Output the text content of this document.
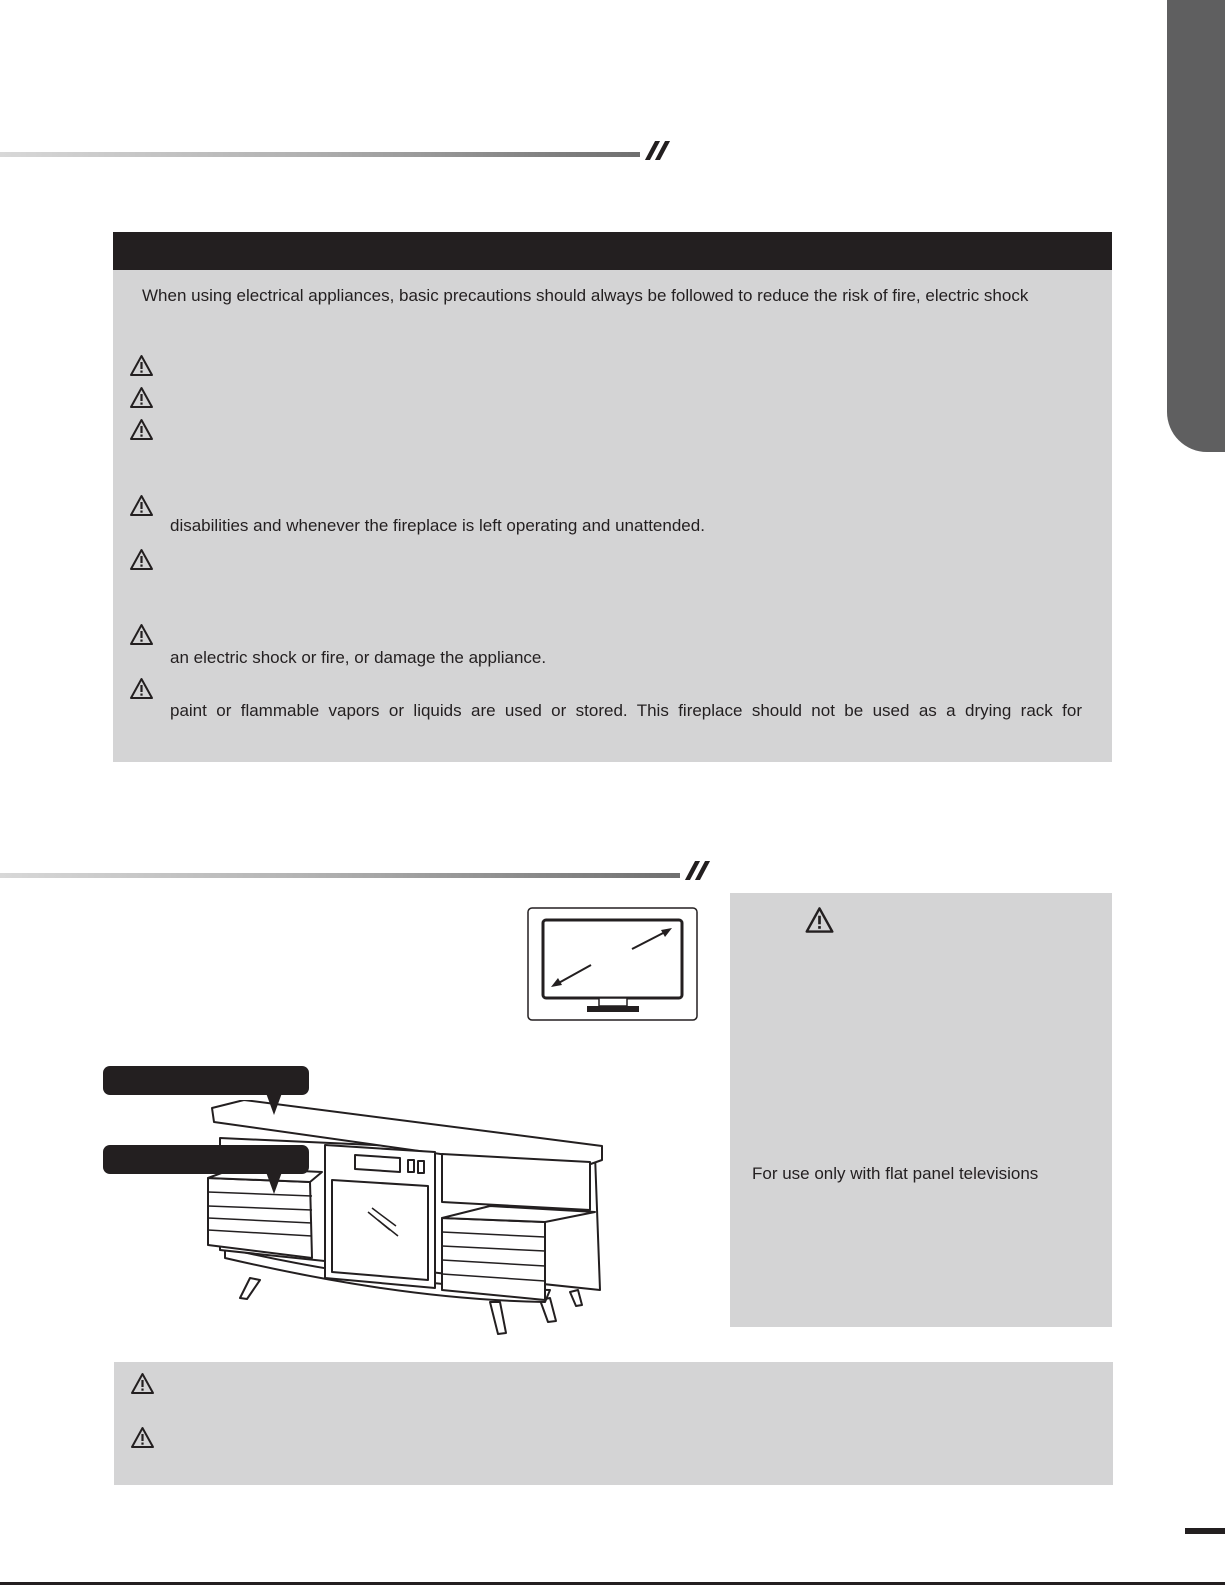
When using electrical appliances, basic precautions should always be followed to reduce the risk of fire, electric shock
disabilities and whenever the fireplace is left operating and unattended.
an electric shock or fire, or damage the appliance.
paint or flammable vapors or liquids are used or stored. This fireplace should not be used as a drying rack for
For use only with flat panel televisions
